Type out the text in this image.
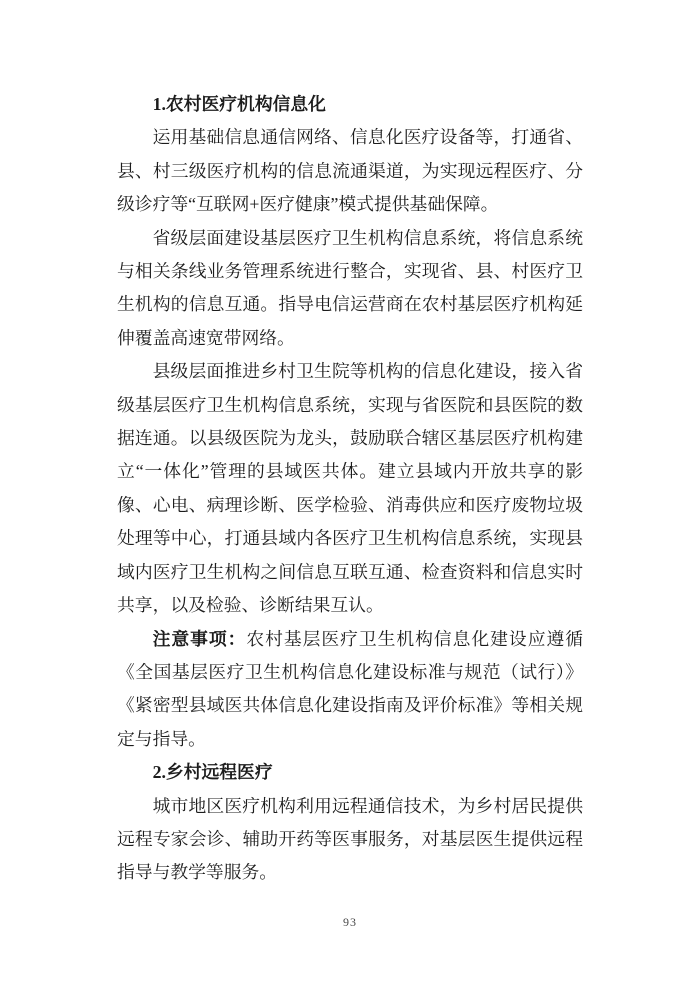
1.农村医疗机构信息化
运用基础信息通信网络、信息化医疗设备等，打通省、
县、村三级医疗机构的信息流通渠道，为实现远程医疗、分
级诊疗等“互联网+医疗健康”模式提供基础保障。
省级层面建设基层医疗卫生机构信息系统，将信息系统
与相关条线业务管理系统进行整合，实现省、县、村医疗卫
生机构的信息互通。指导电信运营商在农村基层医疗机构延
伸覆盖高速宽带网络。
县级层面推进乡村卫生院等机构的信息化建设，接入省
级基层医疗卫生机构信息系统，实现与省医院和县医院的数
据连通。以县级医院为龙头，鼓励联合辖区基层医疗机构建
立“一体化”管理的县域医共体。建立县域内开放共享的影
像、心电、病理诊断、医学检验、消毒供应和医疗废物垃圾
处理等中心，打通县域内各医疗卫生机构信息系统，实现县
域内医疗卫生机构之间信息互联互通、检查资料和信息实时
共享，以及检验、诊断结果互认。
注意事项：农村基层医疗卫生机构信息化建设应遵循
《全国基层医疗卫生机构信息化建设标准与规范（试行）》
《紧密型县域医共体信息化建设指南及评价标准》等相关规
定与指导。
2.乡村远程医疗
城市地区医疗机构利用远程通信技术，为乡村居民提供
远程专家会诊、辅助开药等医事服务，对基层医生提供远程
指导与教学等服务。
93
